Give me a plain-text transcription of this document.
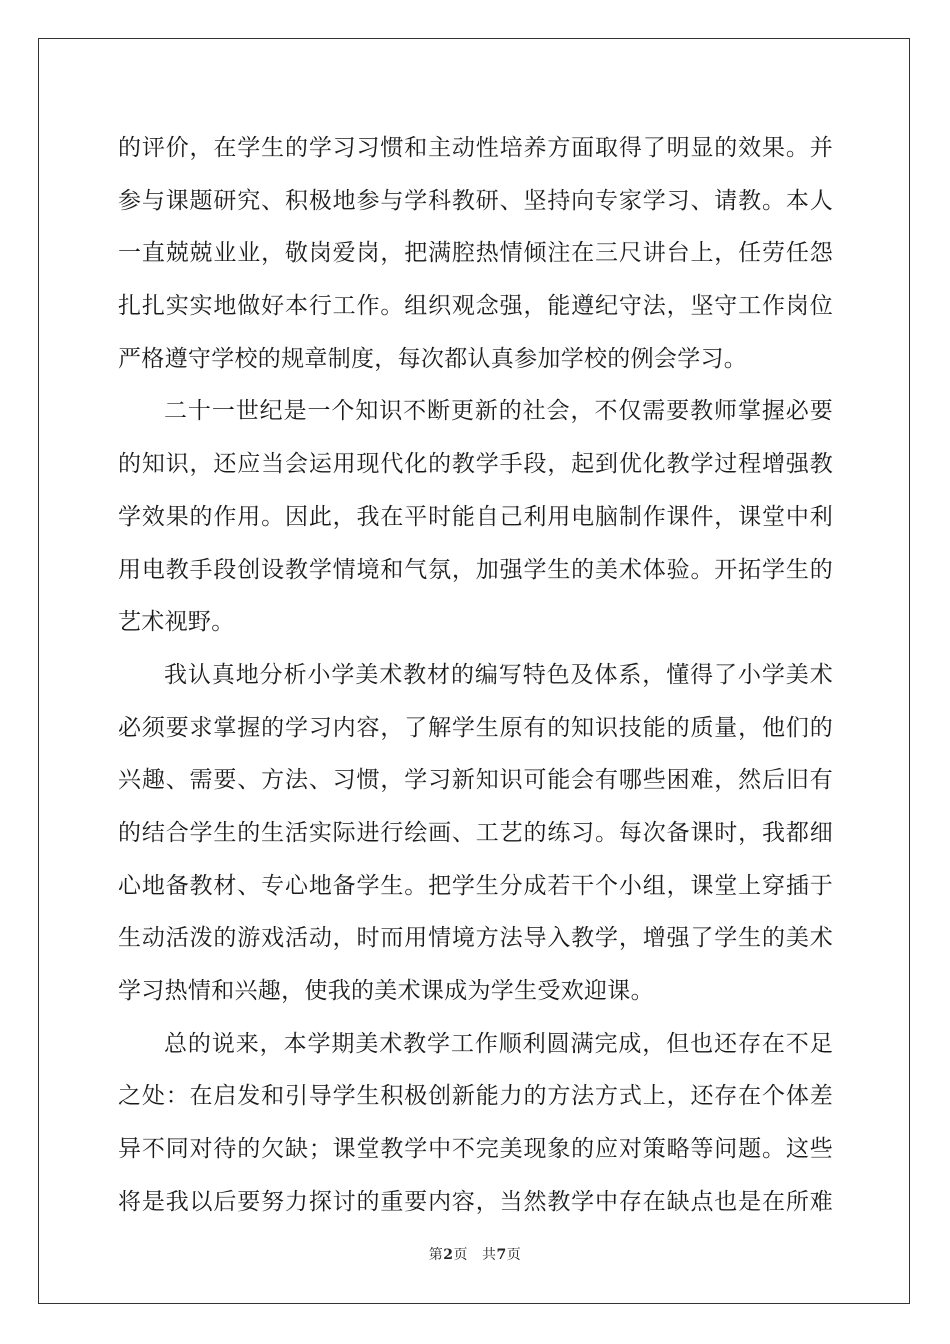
的评价，在学生的学习习惯和主动性培养方面取得了明显的效果。并
参与课题研究、积极地参与学科教研、坚持向专家学习、请教。本人
一直兢兢业业，敬岗爱岗，把满腔热情倾注在三尺讲台上，任劳任怨
扎扎实实地做好本行工作。组织观念强，能遵纪守法，坚守工作岗位
严格遵守学校的规章制度，每次都认真参加学校的例会学习。
二十一世纪是一个知识不断更新的社会，不仅需要教师掌握必要
的知识，还应当会运用现代化的教学手段，起到优化教学过程增强教
学效果的作用。因此，我在平时能自己利用电脑制作课件，课堂中利
用电教手段创设教学情境和气氛，加强学生的美术体验。开拓学生的
艺术视野。
我认真地分析小学美术教材的编写特色及体系，懂得了小学美术
必须要求掌握的学习内容，了解学生原有的知识技能的质量，他们的
兴趣、需要、方法、习惯，学习新知识可能会有哪些困难，然后旧有
的结合学生的生活实际进行绘画、工艺的练习。每次备课时，我都细
心地备教材、专心地备学生。把学生分成若干个小组，课堂上穿插于
生动活泼的游戏活动，时而用情境方法导入教学，增强了学生的美术
学习热情和兴趣，使我的美术课成为学生受欢迎课。
总的说来，本学期美术教学工作顺利圆满完成，但也还存在不足
之处：在启发和引导学生积极创新能力的方法方式上，还存在个体差
异不同对待的欠缺；课堂教学中不完美现象的应对策略等问题。这些
将是我以后要努力探讨的重要内容，当然教学中存在缺点也是在所难
第2页 共7页
